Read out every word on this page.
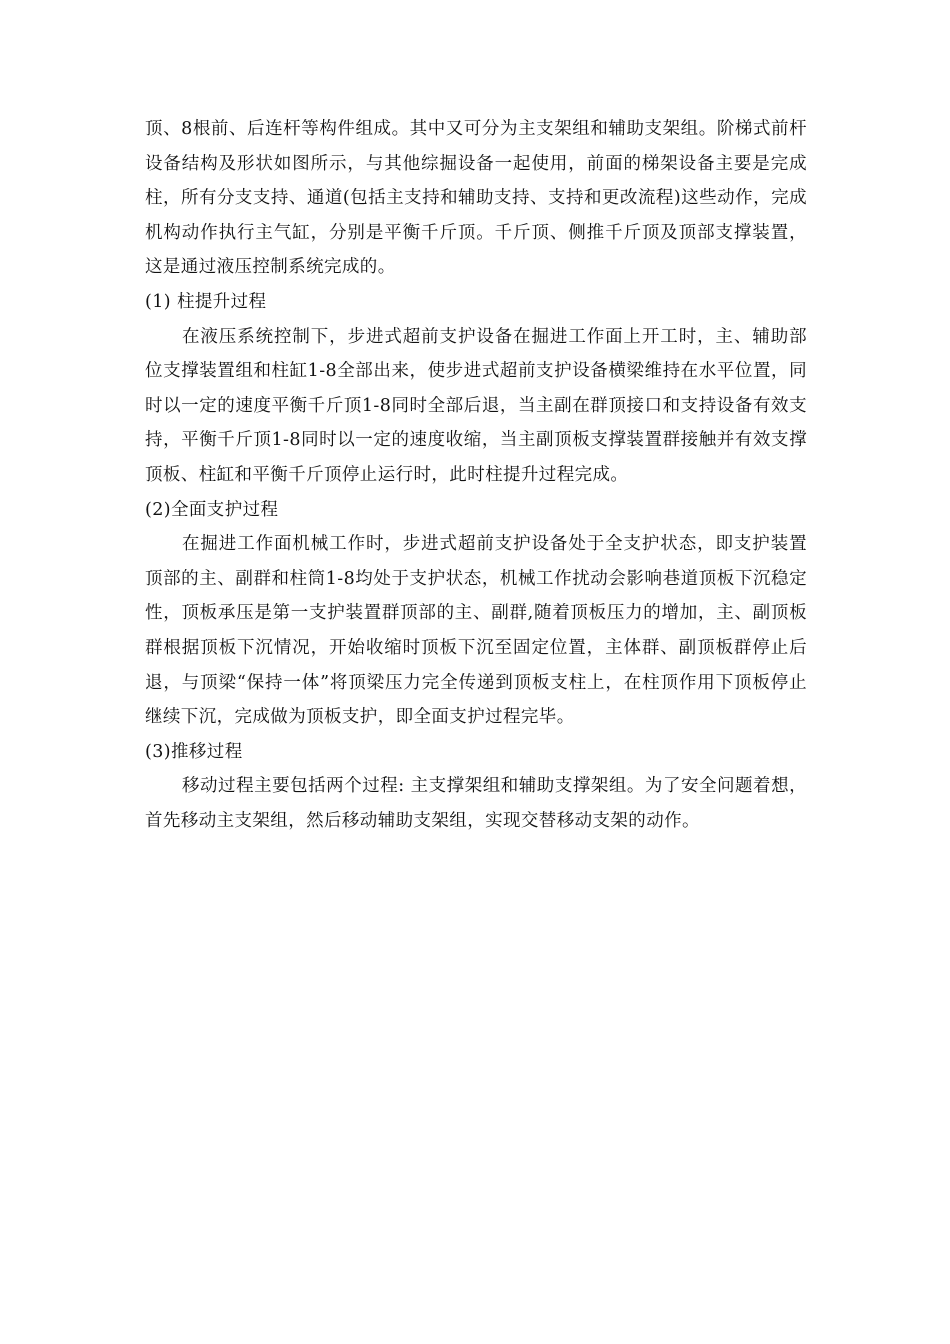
顶、8根前、后连杆等构件组成。其中又可分为主支架组和辅助支架组。阶梯式前杆设备结构及形状如图所示，与其他综掘设备一起使用，前面的梯架设备主要是完成柱，所有分支支持、通道(包括主支持和辅助支持、支持和更改流程)这些动作，完成机构动作执行主气缸，分别是平衡千斤顶。千斤顶、侧推千斤顶及顶部支撑装置，这是通过液压控制系统完成的。

(1) 柱提升过程

在液压系统控制下，步进式超前支护设备在掘进工作面上开工时，主、辅助部位支撑装置组和柱缸1-8全部出来，使步进式超前支护设备横梁维持在水平位置，同时以一定的速度平衡千斤顶1-8同时全部后退，当主副在群顶接口和支持设备有效支持，平衡千斤顶1-8同时以一定的速度收缩，当主副顶板支撑装置群接触并有效支撑顶板、柱缸和平衡千斤顶停止运行时，此时柱提升过程完成。

(2)全面支护过程

在掘进工作面机械工作时，步进式超前支护设备处于全支护状态，即支护装置顶部的主、副群和柱筒1-8均处于支护状态，机械工作扰动会影响巷道顶板下沉稳定性，顶板承压是第一支护装置群顶部的主、副群,随着顶板压力的增加，主、副顶板群根据顶板下沉情况，开始收缩时顶板下沉至固定位置，主体群、副顶板群停止后退，与顶梁“保持一体”将顶梁压力完全传递到顶板支柱上，在柱顶作用下顶板停止继续下沉，完成做为顶板支护，即全面支护过程完毕。

(3)推移过程

移动过程主要包括两个过程: 主支撑架组和辅助支撑架组。为了安全问题着想，首先移动主支架组，然后移动辅助支架组，实现交替移动支架的动作。
